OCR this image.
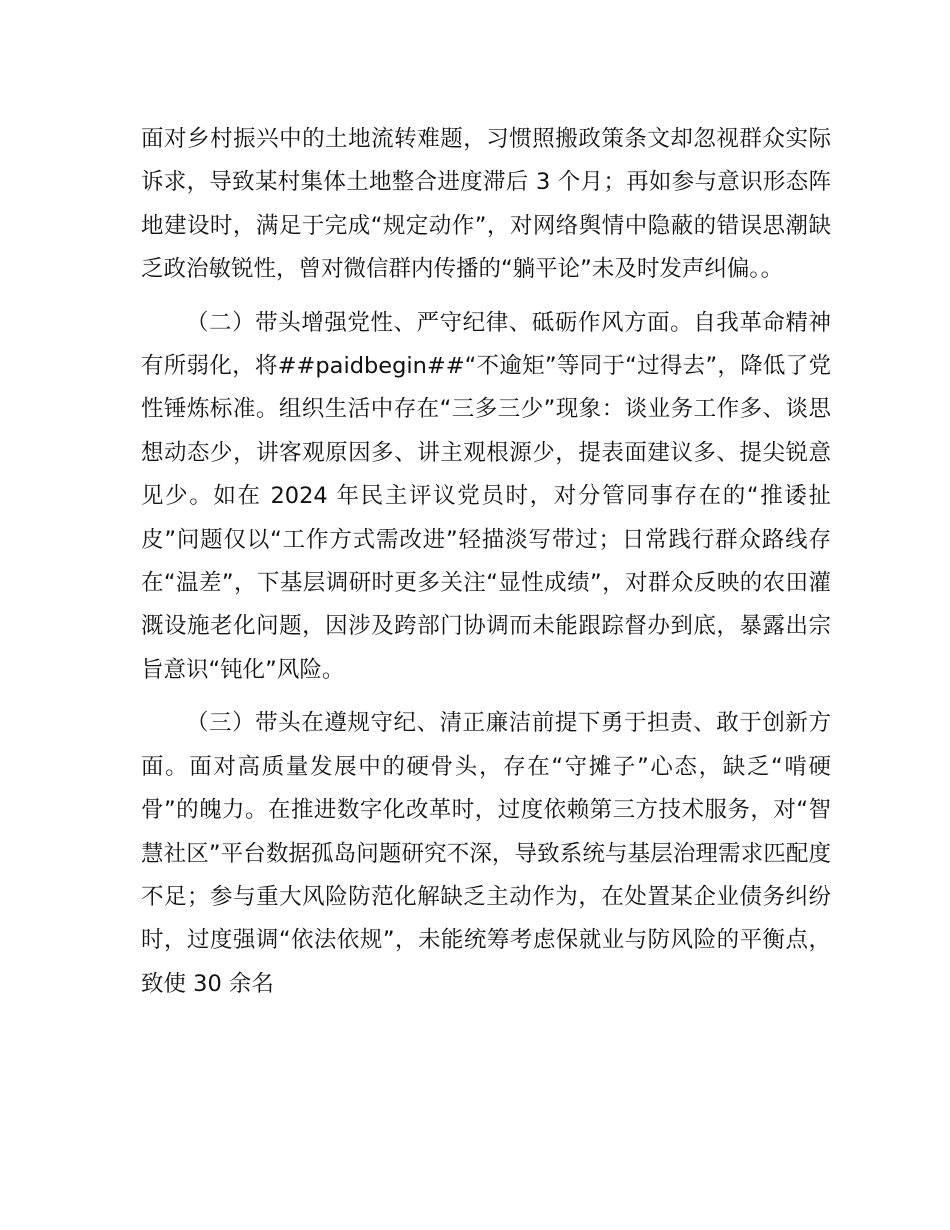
面对乡村振兴中的土地流转难题，习惯照搬政策条文却忽视群众实际诉求，导致某村集体土地整合进度滞后 3 个月；再如参与意识形态阵地建设时，满足于完成“规定动作”，对网络舆情中隐蔽的错误思潮缺乏政治敏锐性，曾对微信群内传播的“躺平论”未及时发声纠偏。。

（二）带头增强党性、严守纪律、砥砺作风方面。自我革命精神有所弱化，将##paidbegin##“不逾矩”等同于“过得去”，降低了党性锤炼标准。组织生活中存在“三多三少”现象：谈业务工作多、谈思想动态少，讲客观原因多、讲主观根源少，提表面建议多、提尖锐意见少。如在 2024 年民主评议党员时，对分管同事存在的“推诿扯皮”问题仅以“工作方式需改进”轻描淡写带过；日常践行群众路线存在“温差”，下基层调研时更多关注“显性成绩”，对群众反映的农田灌溉设施老化问题，因涉及跨部门协调而未能跟踪督办到底，暴露出宗旨意识“钝化”风险。

（三）带头在遵规守纪、清正廉洁前提下勇于担责、敢于创新方面。面对高质量发展中的硬骨头，存在“守摊子”心态，缺乏“啃硬骨”的魄力。在推进数字化改革时，过度依赖第三方技术服务，对“智慧社区”平台数据孤岛问题研究不深，导致系统与基层治理需求匹配度不足；参与重大风险防范化解缺乏主动作为，在处置某企业债务纠纷时，过度强调“依法依规”，未能统筹考虑保就业与防风险的平衡点，致使 30 余名
